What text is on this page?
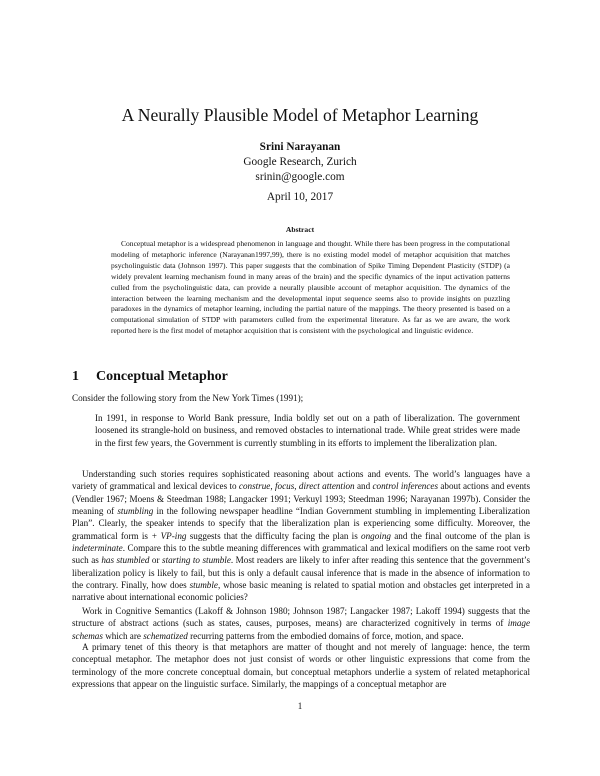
A Neurally Plausible Model of Metaphor Learning
Srini Narayanan
Google Research, Zurich
srinin@google.com
April 10, 2017
Abstract

Conceptual metaphor is a widespread phenomenon in language and thought. While there has been progress in the computational modeling of metaphoric inference (Narayanan1997,99), there is no existing model model of metaphor acquisition that matches psycholinguistic data (Johnson 1997). This paper suggests that the combination of Spike Timing Dependent Plasticity (STDP) (a widely prevalent learning mechanism found in many areas of the brain) and the specific dynamics of the input activation patterns culled from the psycholinguistic data, can provide a neurally plausible account of metaphor acquisition. The dynamics of the interaction between the learning mechanism and the developmental input sequence seems also to provide insights on puzzling paradoxes in the dynamics of metaphor learning, including the partial nature of the mappings. The theory presented is based on a computational simulation of STDP with parameters culled from the experimental literature. As far as we are aware, the work reported here is the first model of metaphor acquisition that is consistent with the psychological and linguistic evidence.

1 Conceptual Metaphor

Consider the following story from the New York Times (1991);

In 1991, in response to World Bank pressure, India boldly set out on a path of liberalization. The government loosened its strangle-hold on business, and removed obstacles to international trade. While great strides were made in the first few years, the Government is currently stumbling in its efforts to implement the liberalization plan.

Understanding such stories requires sophisticated reasoning about actions and events. The world’s languages have a variety of grammatical and lexical devices to construe, focus, direct attention and control inferences about actions and events (Vendler 1967; Moens & Steedman 1988; Langacker 1991; Verkuyl 1993; Steedman 1996; Narayanan 1997b). Consider the meaning of stumbling in the following newspaper headline “Indian Government stumbling in implementing Liberalization Plan”. Clearly, the speaker intends to specify that the liberalization plan is experiencing some difficulty. Moreover, the grammatical form is + VP-ing suggests that the difficulty facing the plan is ongoing and the final outcome of the plan is indeterminate. Compare this to the subtle meaning differences with grammatical and lexical modifiers on the same root verb such as has stumbled or starting to stumble. Most readers are likely to infer after reading this sentence that the government’s liberalization policy is likely to fail, but this is only a default causal inference that is made in the absence of information to the contrary. Finally, how does stumble, whose basic meaning is related to spatial motion and obstacles get interpreted in a narrative about international economic policies?

Work in Cognitive Semantics (Lakoff & Johnson 1980; Johnson 1987; Langacker 1987; Lakoff 1994) suggests that the structure of abstract actions (such as states, causes, purposes, means) are characterized cognitively in terms of image schemas which are schematized recurring patterns from the embodied domains of force, motion, and space.

A primary tenet of this theory is that metaphors are matter of thought and not merely of language: hence, the term conceptual metaphor. The metaphor does not just consist of words or other linguistic expressions that come from the terminology of the more concrete conceptual domain, but conceptual metaphors underlie a system of related metaphorical expressions that appear on the linguistic surface. Similarly, the mappings of a conceptual metaphor are

1
